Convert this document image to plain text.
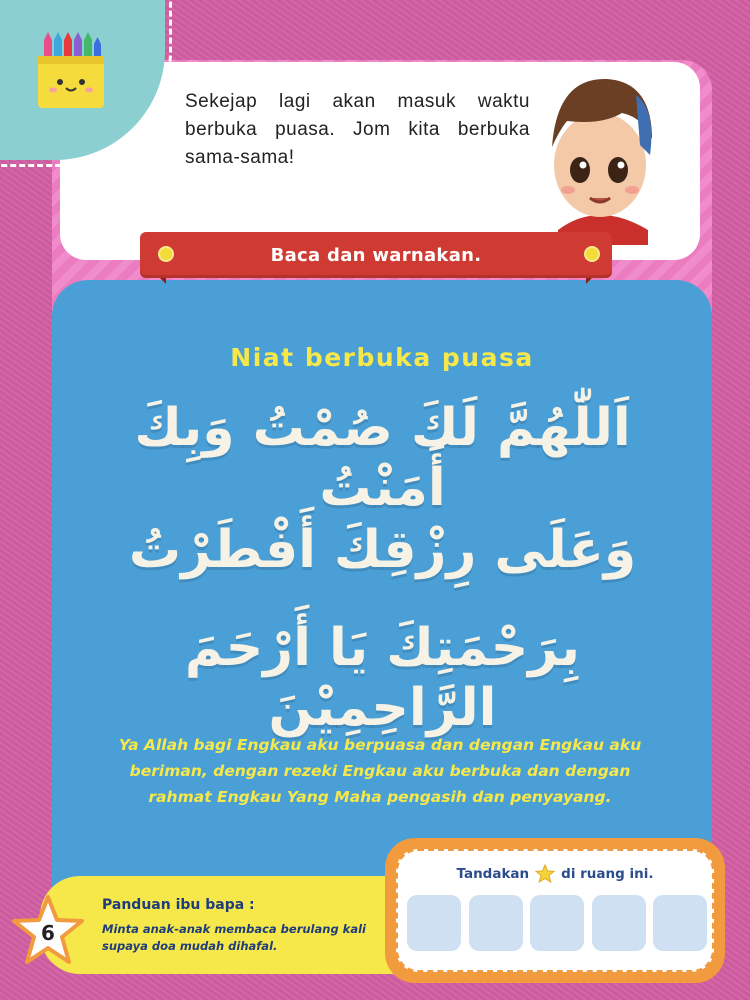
Sekejap lagi akan masuk waktu berbuka puasa. Jom kita berbuka sama-sama!

Baca dan warnakan.
Niat berbuka puasa
اَللّٰهُمَّ لَكَ صُمْتُ وَبِكَ أَمَنْتُ
وَعَلَى رِزْقِكَ أَفْطَرْتُ
بِرَحْمَتِكَ يَا أَرْحَمَ الرَّاحِمِيْنَ

Ya Allah bagi Engkau aku berpuasa dan dengan Engkau aku beriman, dengan rezeki Engkau aku berbuka dan dengan rahmat Engkau Yang Maha pengasih dan penyayang.

6
Panduan ibu bapa :

Minta anak-anak membaca berulang kali supaya doa mudah dihafal.

Tandakan di ruang ini.
